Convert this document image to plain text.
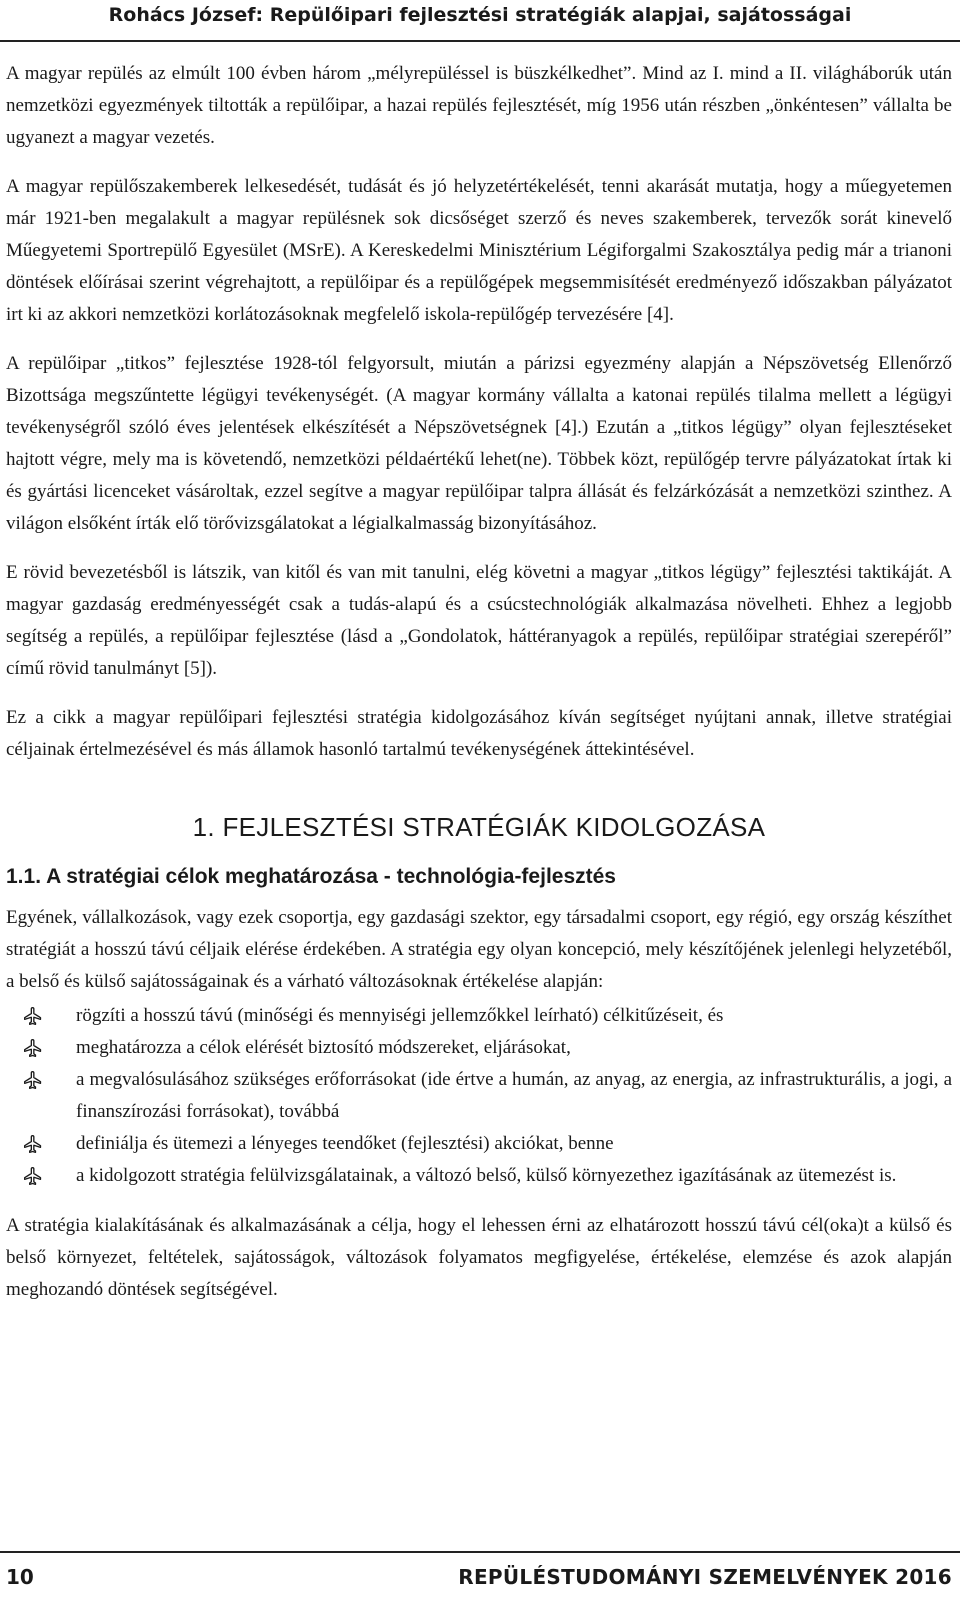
Rohács József: Repülőipari fejlesztési stratégiák alapjai, sajátosságai

A magyar repülés az elmúlt 100 évben három „mélyrepüléssel is büszkélkedhet”. Mind az I. mind a II. világháborúk után nemzetközi egyezmények tiltották a repülőipar, a hazai repülés fejlesztését, míg 1956 után részben „önkéntesen” vállalta be ugyanezt a magyar vezetés.

A magyar repülőszakemberek lelkesedését, tudását és jó helyzetértékelését, tenni akarását mutatja, hogy a műegyetemen már 1921-ben megalakult a magyar repülésnek sok dicsőséget szerző és neves szakemberek, tervezők sorát kinevelő Műegyetemi Sportrepülő Egyesület (MSrE). A Kereskedelmi Minisztérium Légiforgalmi Szakosztálya pedig már a trianoni döntések előírásai szerint végrehajtott, a repülőipar és a repülőgépek megsemmisítését eredményező időszakban pályázatot irt ki az akkori nemzetközi korlátozásoknak megfelelő iskola-repülőgép tervezésére [4].

A repülőipar „titkos” fejlesztése 1928-tól felgyorsult, miután a párizsi egyezmény alapján a Népszövetség Ellenőrző Bizottsága megszűntette légügyi tevékenységét. (A magyar kormány vállalta a katonai repülés tilalma mellett a légügyi tevékenységről szóló éves jelentések elkészítését a Népszövetségnek [4].) Ezután a „titkos légügy” olyan fejlesztéseket hajtott végre, mely ma is követendő, nemzetközi példaértékű lehet(ne). Többek közt, repülőgép tervre pályázatokat írtak ki és gyártási licenceket vásároltak, ezzel segítve a magyar repülőipar talpra állását és felzárkózását a nemzetközi szinthez. A világon elsőként írták elő törővizsgálatokat a légialkalmasság bizonyításához.

E rövid bevezetésből is látszik, van kitől és van mit tanulni, elég követni a magyar „titkos légügy” fejlesztési taktikáját. A magyar gazdaság eredményességét csak a tudás-alapú és a csúcstechnológiák alkalmazása növelheti. Ehhez a legjobb segítség a repülés, a repülőipar fejlesztése (lásd a „Gondolatok, háttéranyagok a repülés, repülőipar stratégiai szerepéről” című rövid tanulmányt [5]).

Ez a cikk a magyar repülőipari fejlesztési stratégia kidolgozásához kíván segítséget nyújtani annak, illetve stratégiai céljainak értelmezésével és más államok hasonló tartalmú tevékenységének áttekintésével.

1. FEJLESZTÉSI STRATÉGIÁK KIDOLGOZÁSA
1.1. A stratégiai célok meghatározása - technológia-fejlesztés

Egyének, vállalkozások, vagy ezek csoportja, egy gazdasági szektor, egy társadalmi csoport, egy régió, egy ország készíthet stratégiát a hosszú távú céljaik elérése érdekében. A stratégia egy olyan koncepció, mely készítőjének jelenlegi helyzetéből, a belső és külső sajátosságainak és a várható változásoknak értékelése alapján:

rögzíti a hosszú távú (minőségi és mennyiségi jellemzőkkel leírható) célkitűzéseit, és
meghatározza a célok elérését biztosító módszereket, eljárásokat,
a megvalósulásához szükséges erőforrásokat (ide értve a humán, az anyag, az energia, az infrastrukturális, a jogi, a finanszírozási forrásokat), továbbá
definiálja és ütemezi a lényeges teendőket (fejlesztési) akciókat, benne
a kidolgozott stratégia felülvizsgálatainak, a változó belső, külső környezethez igazításának az ütemezést is.

A stratégia kialakításának és alkalmazásának a célja, hogy el lehessen érni az elhatározott hosszú távú cél(oka)t a külső és belső környezet, feltételek, sajátosságok, változások folyamatos megfigyelése, értékelése, elemzése és azok alapján meghozandó döntések segítségével.

10	REPÜLÉSTUDOMÁNYI SZEMELVÉNYEK 2016
